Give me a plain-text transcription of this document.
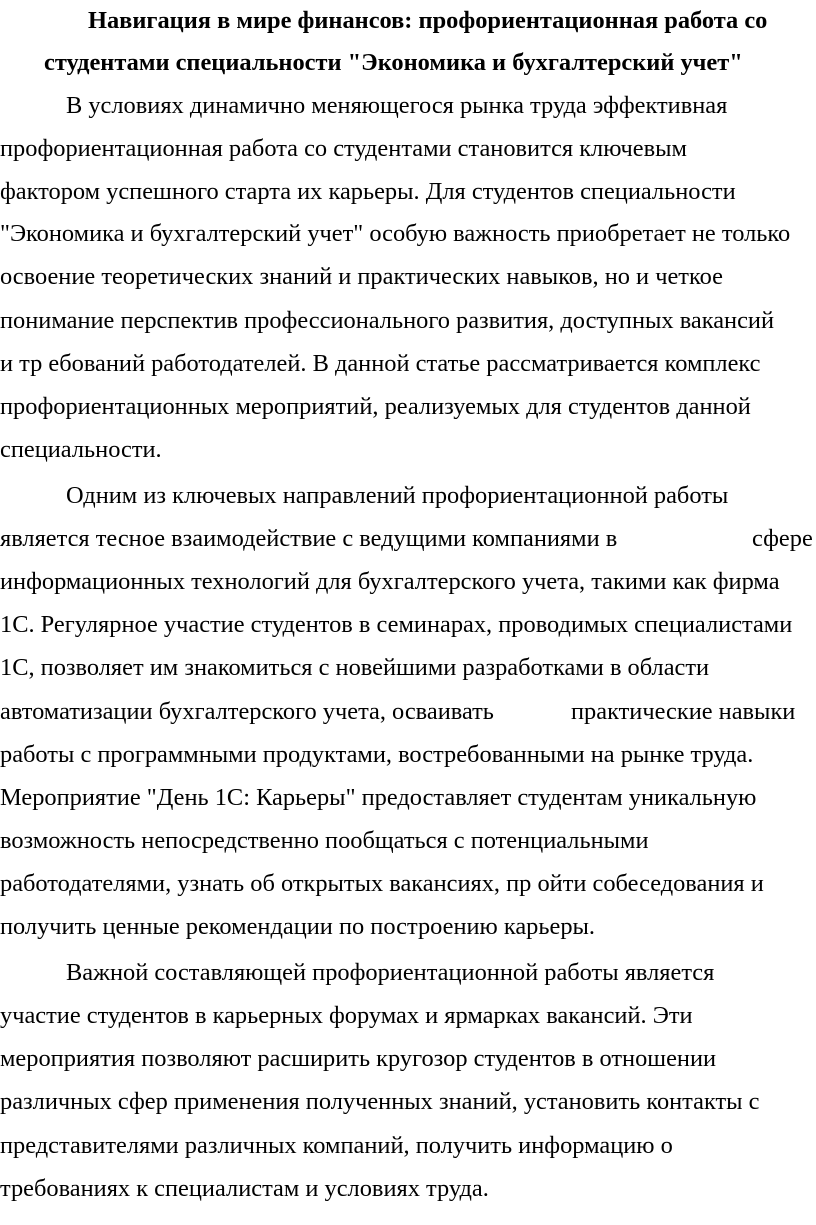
Навигация в мире финансов: профориентационная работа со
студентами специальности "Экономика и бухгалтерский учет"
В условиях динамично меняющегося рынка труда эффективная
профориентационная работа со студентами становится ключевым
фактором успешного старта их карьеры. Для студентов специальности
"Экономика и бухгалтерский учет" особую важность приобретает не только
освоение теоретических знаний и практических навыков, но и четкое
понимание перспектив профессионального развития, доступных вакансий
и тр ебований работодателей. В данной статье рассматривается комплекс
профориентационных мероприятий, реализуемых для студентов данной
специальности.
Одним из ключевых направлений профориентационной работы
является тесное взаимодействие с ведущими компаниями в	сфере
информационных технологий для бухгалтерского учета, такими как фирма
1С. Регулярное участие студентов в семинарах, проводимых специалистами
1С, позволяет им знакомиться с новейшими разработками в области
автоматизации бухгалтерского учета, осваивать	практические навыки
работы с программными продуктами, востребованными на рынке труда.
Мероприятие "День 1С: Карьеры" предоставляет студентам уникальную
возможность непосредственно пообщаться с потенциальными
работодателями, узнать об открытых вакансиях, пр ойти собеседования и
получить ценные рекомендации по построению карьеры.
Важной составляющей профориентационной работы является
участие студентов в карьерных форумах и ярмарках вакансий. Эти
мероприятия позволяют расширить кругозор студентов в отношении
различных сфер применения полученных знаний, установить контакты с
представителями различных компаний, получить информацию о
требованиях к специалистам и условиях труда.
